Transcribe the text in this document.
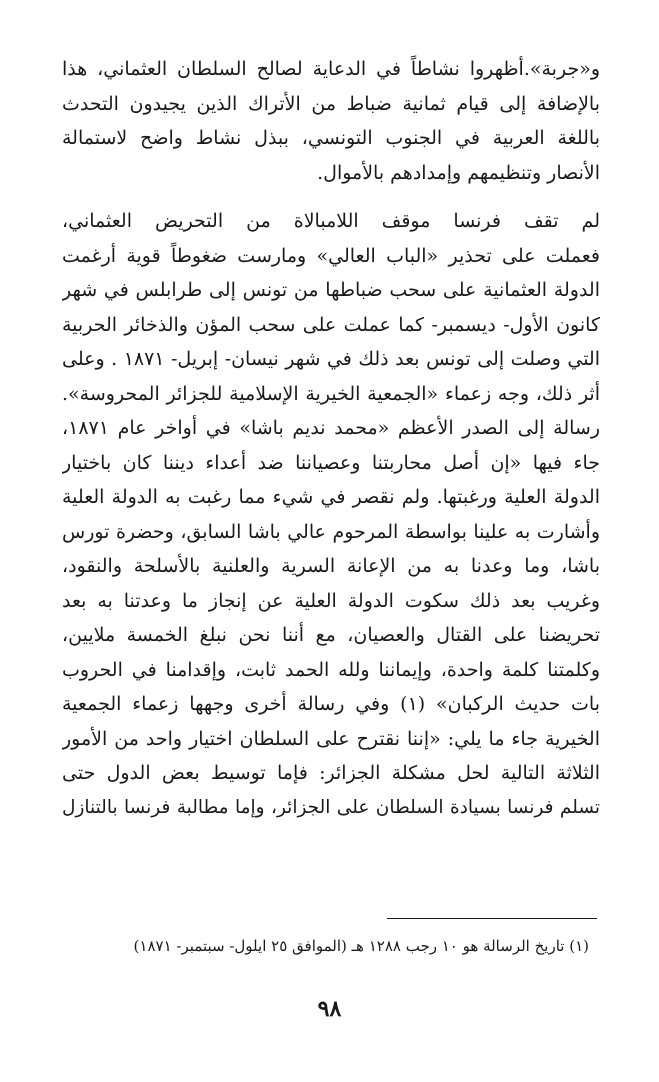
و«جربة».أظهروا نشاطاً في الدعاية لصالح السلطان العثماني، هذا
بالإضافة إلى قيام ثمانية ضباط من الأتراك الذين يجيدون التحدث
باللغة العربية في الجنوب التونسي، ببذل نشاط واضح لاستمالة
الأنصار وتنظيمهم وإمدادهم بالأموال.
لم تقف فرنسا موقف اللامبالاة من التحريض العثماني،
فعملت على تحذير «الباب العالي» ومارست ضغوطاً قوية أرغمت
الدولة العثمانية على سحب ضباطها من تونس إلى طرابلس في شهر
كانون الأول- ديسمبر- كما عملت على سحب المؤن والذخائر الحربية
التي وصلت إلى تونس بعد ذلك في شهر نيسان- إبريل- ١٨٧١ . وعلى
أثر ذلك، وجه زعماء «الجمعية الخيرية الإسلامية للجزائر المحروسة».
رسالة إلى الصدر الأعظم «محمد نديم باشا» في أواخر عام ١٨٧١،
جاء فيها «إن أصل محاربتنا وعصياننا ضد أعداء ديننا كان باختيار
الدولة العلية ورغبتها. ولم نقصر في شيء مما رغبت به الدولة العلية
وأشارت به علينا بواسطة المرحوم عالي باشا السابق، وحضرة تورس
باشا، وما وعدنا به من الإعانة السرية والعلنية بالأسلحة والنقود،
وغريب بعد ذلك سكوت الدولة العلية عن إنجاز ما وعدتنا به بعد
تحريضنا على القتال والعصيان، مع أننا نحن نبلغ الخمسة ملايين،
وكلمتنا كلمة واحدة، وإيماننا ولله الحمد ثابت، وإقدامنا في الحروب
بات حديث الركبان» (١) وفي رسالة أخرى وجهها زعماء الجمعية
الخيرية جاء ما يلي: «إننا نقترح على السلطان اختيار واحد من الأمور
الثلاثة التالية لحل مشكلة الجزائر: فإما توسيط بعض الدول حتى
تسلم فرنسا بسيادة السلطان على الجزائر، وإما مطالبة فرنسا بالتنازل
(١) تاريخ الرسالة هو ١٠ رجب ١٢٨٨ هـ (الموافق ٢٥ ايلول- سبتمبر- ١٨٧١)
٩٨
